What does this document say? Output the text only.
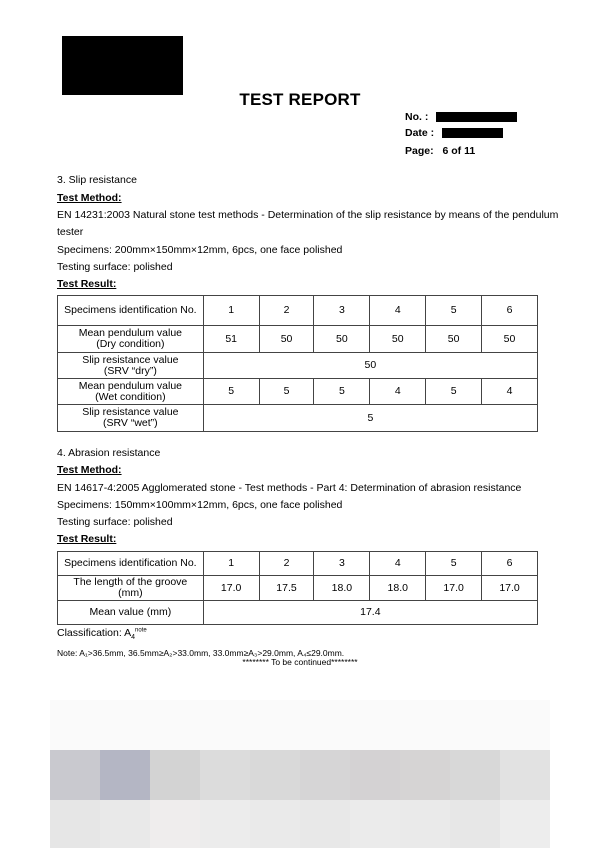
TEST REPORT
No. :
Date :
Page: 6 of 11
3. Slip resistance
Test Method:
EN 14231:2003 Natural stone test methods - Determination of the slip resistance by means of the pendulum
tester
Specimens: 200mm×150mm×12mm, 6pcs, one face polished
Testing surface: polished
Test Result:
Specimens identification No.	1	2	3	4	5	6

Mean pendulum value
(Dry condition)	51	50	50	50	50	50

Slip resistance value
(SRV “dry”)	50					

Mean pendulum value
(Wet condition)	5	5	5	4	5	4

Slip resistance value
(SRV “wet”)	5					
4. Abrasion resistance
Test Method:
EN 14617-4:2005 Agglomerated stone - Test methods - Part 4: Determination of abrasion resistance
Specimens: 150mm×100mm×12mm, 6pcs, one face polished
Testing surface: polished
Test Result:
Specimens identification No.	1	2	3	4	5	6

The length of the groove
(mm)	17.0	17.5	18.0	18.0	17.0	17.0
Mean value (mm)	17.4					
Classification: $A_4^{note}$
Note: A₁>36.5mm, 36.5mm≥A₂>33.0mm, 33.0mm≥A₃>29.0mm, A₄≤29.0mm.
******** To be continued********
